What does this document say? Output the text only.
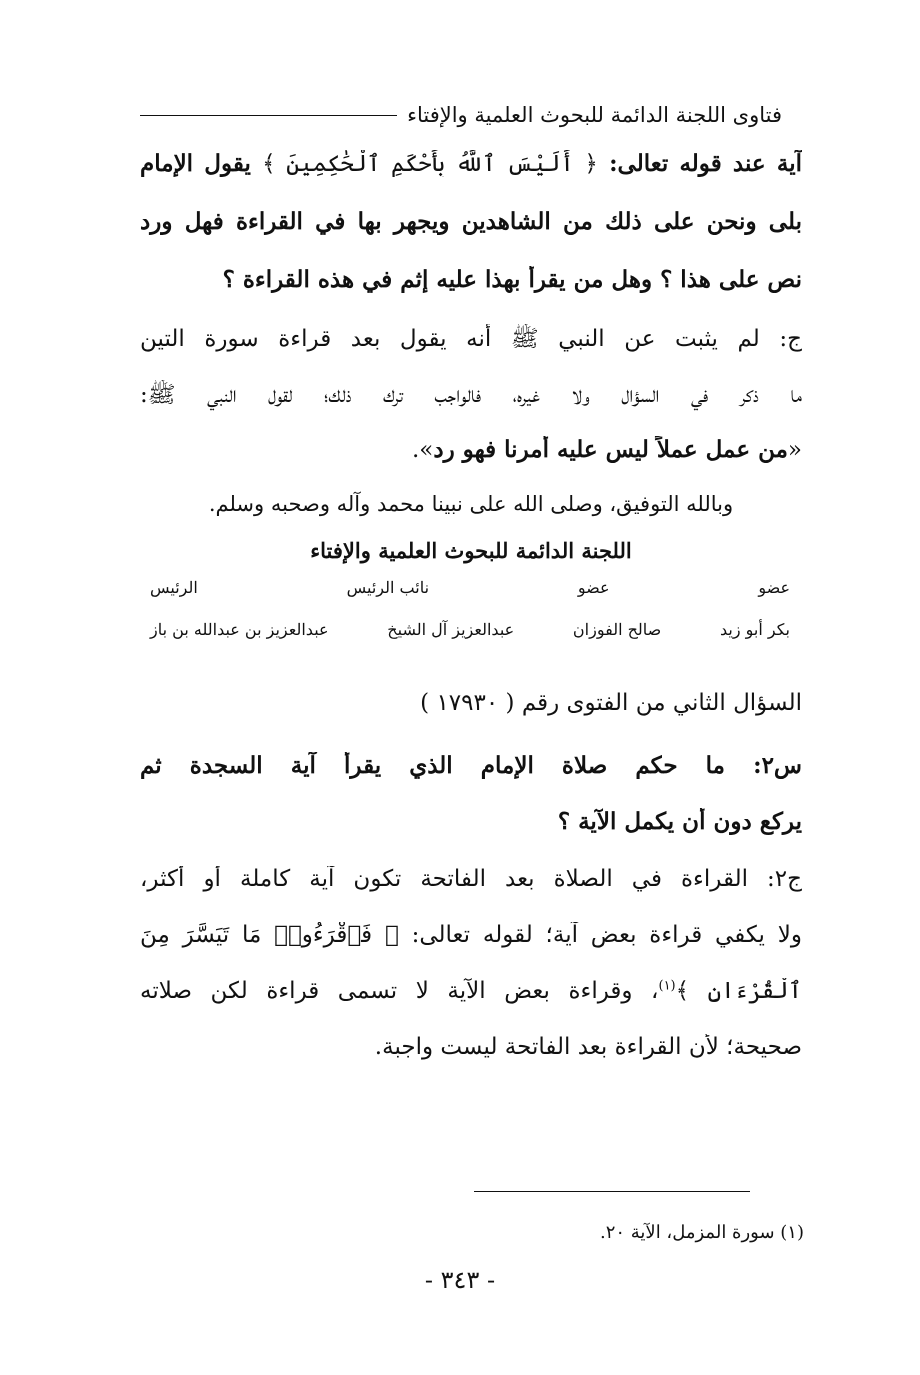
فتاوى اللجنة الدائمة للبحوث العلمية والإفتاء
آية عند قوله تعالى: ﴿ أَلَيْسَ ٱللَّهُ بِأَحْكَمِ ٱلْحَٰكِمِينَ ﴾ يقول الإمام
بلى ونحن على ذلك من الشاهدين ويجهر بها في القراءة فهل ورد
نص على هذا ؟ وهل من يقرأ بهذا عليه إثم في هذه القراءة ؟
ج: لم يثبت عن النبي ﷺ أنه يقول بعد قراءة سورة التين
ما ذكر في السؤال ولا غيره، فالواجب ترك ذلك؛ لقول النبي ﷺ:
«من عمل عملاً ليس عليه أمرنا فهو رد».
وبالله التوفيق، وصلى الله على نبينا محمد وآله وصحبه وسلم.
اللجنة الدائمة للبحوث العلمية والإفتاء
عضو
عضو
نائب الرئيس
الرئيس
بكر أبو زيد
صالح الفوزان
عبدالعزيز آل الشيخ
عبدالعزيز بن عبدالله بن باز
السؤال الثاني من الفتوى رقم ( ١٧٩٣٠ )
س٢: ما حكم صلاة الإمام الذي يقرأ آية السجدة ثم
يركع دون أن يكمل الآية ؟
ج٢: القراءة في الصلاة بعد الفاتحة تكون آية كاملة أو أكثر،
ولا يكفي قراءة بعض آية؛ لقوله تعالى: ﴿ فَٱقْرَءُوا۟ مَا تَيَسَّرَ مِنَ
ٱلْقُرْءَانِ ﴾$^{(١)}$، وقراءة بعض الآية لا تسمى قراءة لكن صلاته
صحيحة؛ لأن القراءة بعد الفاتحة ليست واجبة.
(١) سورة المزمل، الآية ٢٠.
- ٣٤٣ -
